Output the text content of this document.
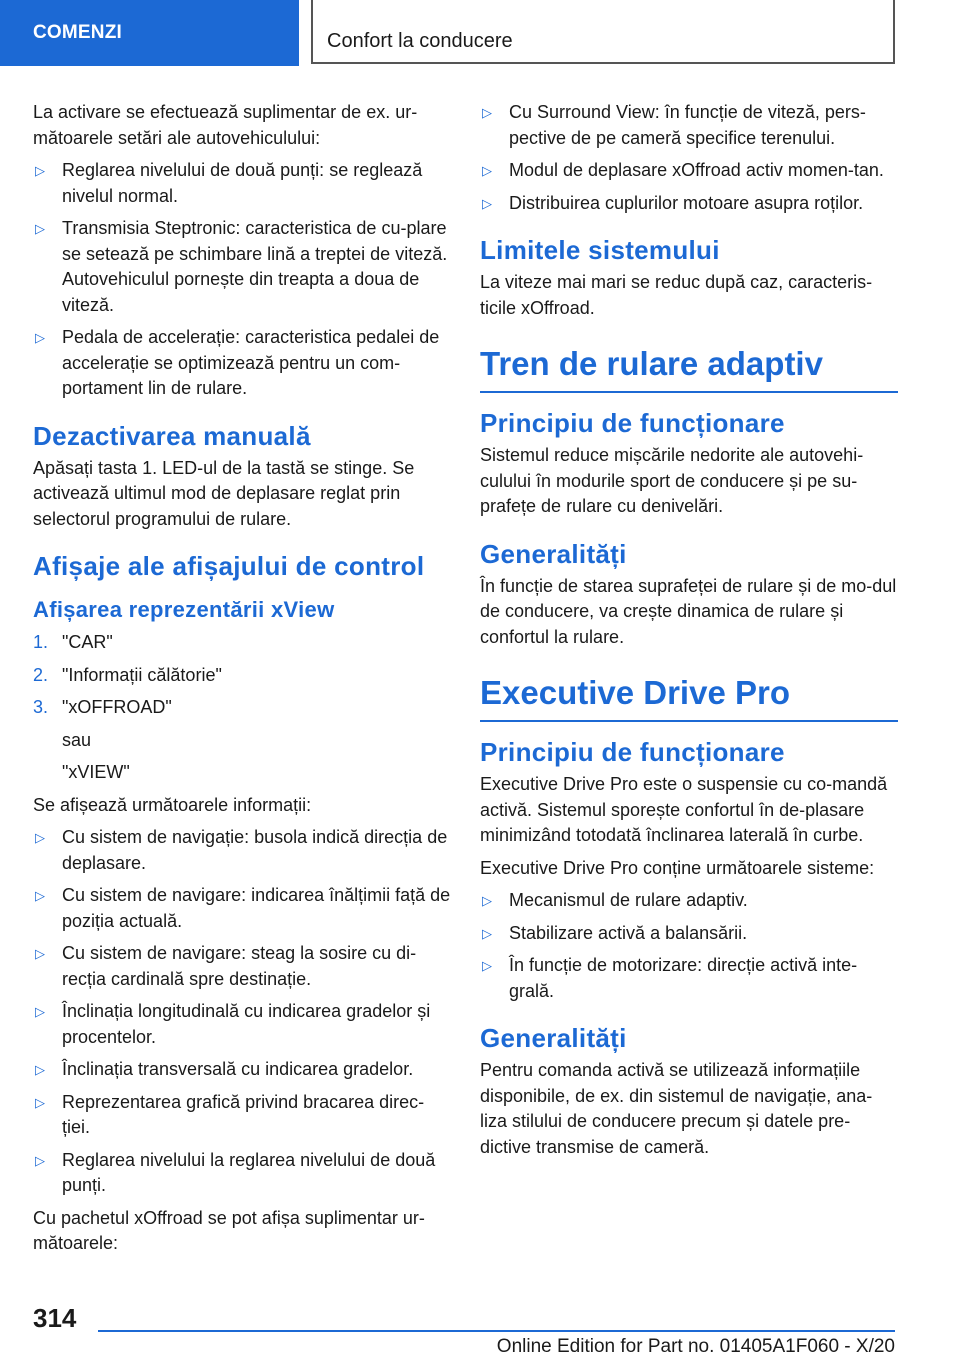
COMENZI	Confort la conducere

La activare se efectuează suplimentar de ex. ur-mătoarele setări ale autovehiculului:

▷ Reglarea nivelului de două punți: se reglează nivelul normal.
▷ Transmisia Steptronic: caracteristica de cu-plare se setează pe schimbare lină a treptei de viteză. Autovehiculul pornește din treapta a doua de viteză.
▷ Pedala de accelerație: caracteristica pedalei de accelerație se optimizează pentru un com-portament lin de rulare.
Dezactivarea manuală

Apăsați tasta 1. LED-ul de la tastă se stinge. Se activează ultimul mod de deplasare reglat prin selectorul programului de rulare.

Afișaje ale afișajului de control
Afișarea reprezentării xView
1. "CAR"
2. "Informații călătorie"
3. "xOFFROAD"
sau
"xVIEW"

Se afișează următoarele informații:

▷ Cu sistem de navigație: busola indică direcția de deplasare.
▷ Cu sistem de navigare: indicarea înălțimii față de poziția actuală.
▷ Cu sistem de navigare: steag la sosire cu di-recția cardinală spre destinație.
▷ Înclinația longitudinală cu indicarea gradelor și procentelor.
▷ Înclinația transversală cu indicarea gradelor.
▷ Reprezentarea grafică privind bracarea direc-ției.
▷ Reglarea nivelului la reglarea nivelului de două punți.

Cu pachetul xOffroad se pot afișa suplimentar ur-mătoarele:

▷ Cu Surround View: în funcție de viteză, pers-pective de pe cameră specifice terenului.
▷ Modul de deplasare xOffroad activ momen-tan.
▷ Distribuirea cuplurilor motoare asupra roților.
Limitele sistemului

La viteze mai mari se reduc după caz, caracteris-ticile xOffroad.

Tren de rulare adaptiv
Principiu de funcționare

Sistemul reduce mișcările nedorite ale autovehi-culului în modurile sport de conducere și pe su-prafețe de rulare cu denivelări.

Generalități

În funcție de starea suprafeței de rulare și de mo-dul de conducere, va crește dinamica de rulare și confortul la rulare.

Executive Drive Pro
Principiu de funcționare

Executive Drive Pro este o suspensie cu co-mandă activă. Sistemul sporește confortul în de-plasare minimizând totodată înclinarea laterală în curbe.

Executive Drive Pro conține următoarele sisteme:

▷ Mecanismul de rulare adaptiv.
▷ Stabilizare activă a balansării.
▷ În funcție de motorizare: direcție activă inte-grală.
Generalități

Pentru comanda activă se utilizează informațiile disponibile, de ex. din sistemul de navigație, ana-liza stilului de conducere precum și datele pre-dictive transmise de cameră.

314
Online Edition for Part no. 01405A1F060 - X/20
